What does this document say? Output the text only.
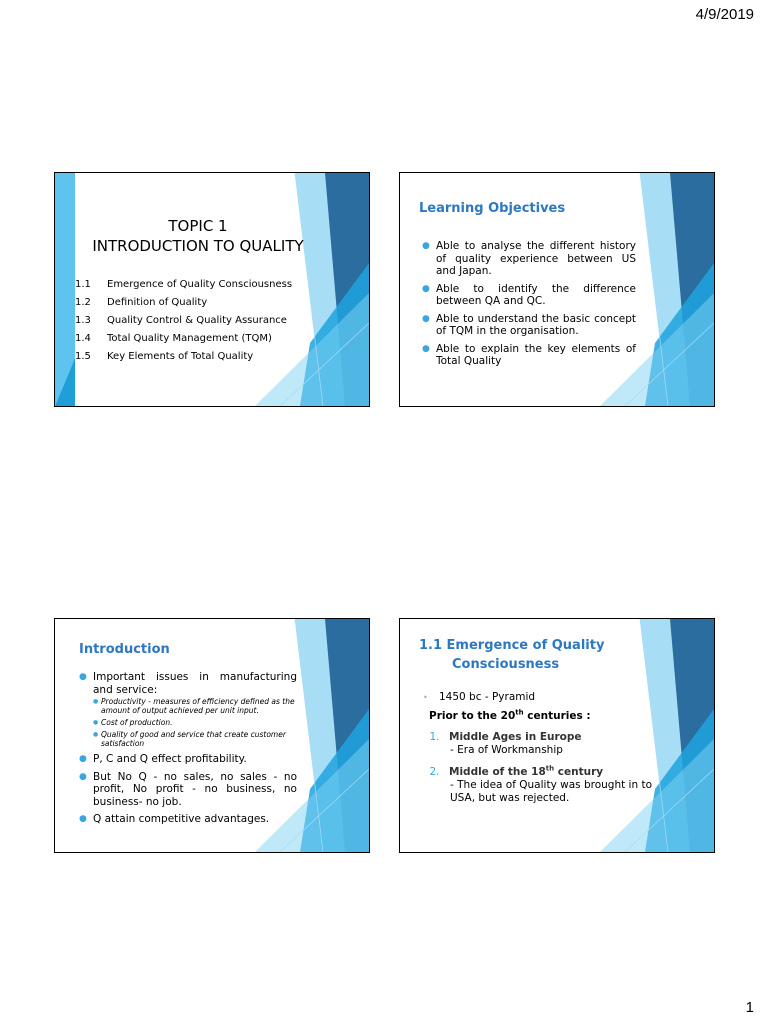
4/9/2019
TOPIC 1
INTRODUCTION TO QUALITY
1.1	Emergence of Quality Consciousness
1.2	Definition of Quality
1.3	Quality Control & Quality Assurance
1.4	Total Quality Management (TQM)
1.5	Key Elements of Total Quality
Learning Objectives
● Able to analyse the different history of quality experience between US and Japan.
● Able to identify the difference between QA and QC.
● Able to understand the basic concept of TQM in the organisation.
● Able to explain the key elements of Total Quality
Introduction
● Important issues in manufacturing and service:
● Productivity - measures of efficiency defined as the amount of output achieved per unit input.
● Cost of production.
● Quality of good and service that create customer satisfaction
● P, C and Q effect profitability.
● But No Q - no sales, no sales - no profit, No profit - no business, no business- no job.
● Q attain competitive advantages.
1.1 Emergence of Quality
Consciousness
• 1450 bc - Pyramid
Prior to the 20th centuries :
1. Middle Ages in Europe
- Era of Workmanship
2. Middle of the 18th century
- The idea of Quality was brought in to USA, but was rejected.
1
